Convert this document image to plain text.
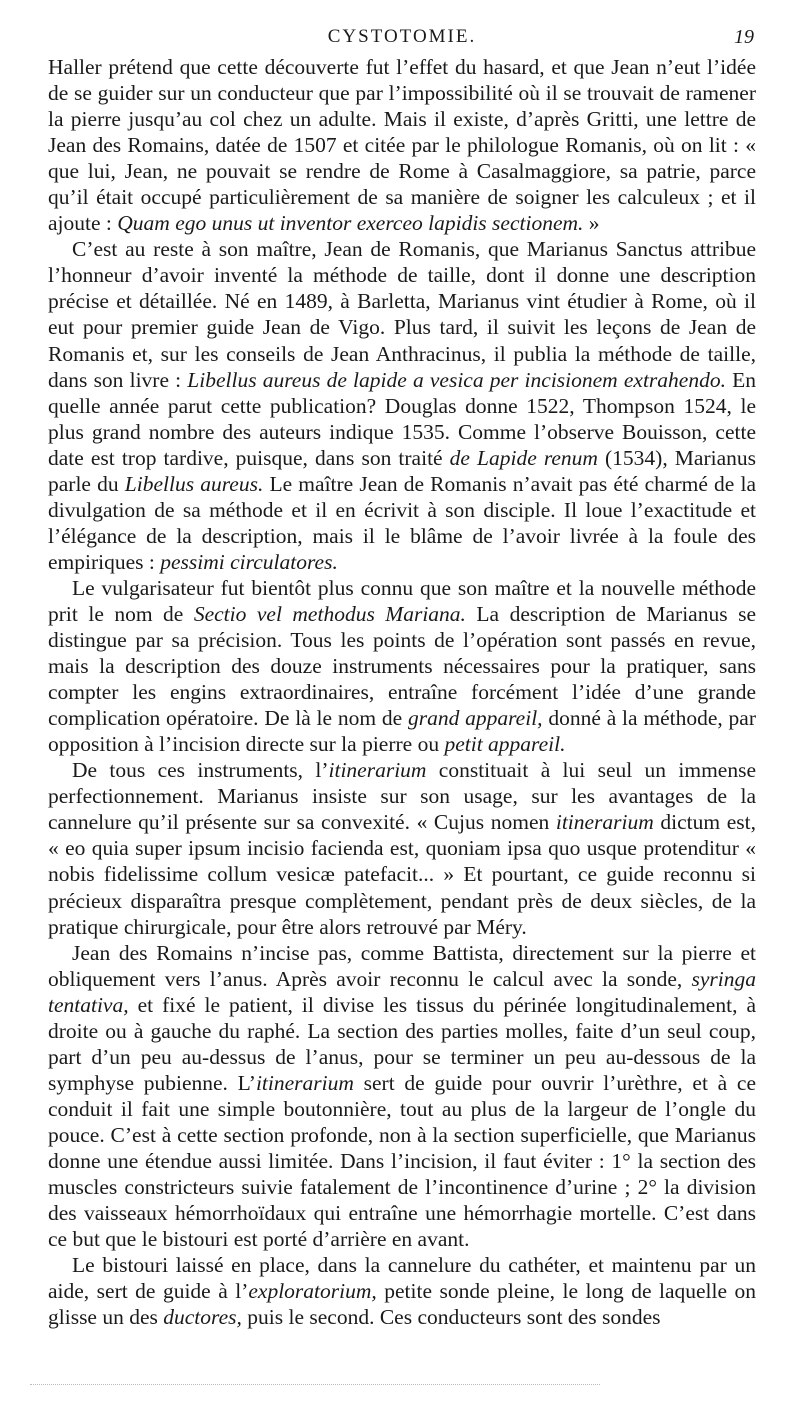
CYSTOTOMIE.	19

Haller prétend que cette découverte fut l’effet du hasard, et que Jean n’eut l’idée de se guider sur un conducteur que par l’impossibilité où il se trouvait de ramener la pierre jusqu’au col chez un adulte. Mais il existe, d’après Gritti, une lettre de Jean des Romains, datée de 1507 et citée par le philologue Romanis, où on lit : « que lui, Jean, ne pouvait se rendre de Rome à Casalmaggiore, sa patrie, parce qu’il était occupé particulièrement de sa manière de soigner les calculeux ; et il ajoute : Quam ego unus ut inventor exerceo lapidis sectionem. »

C’est au reste à son maître, Jean de Romanis, que Marianus Sanctus attribue l’honneur d’avoir inventé la méthode de taille, dont il donne une description précise et détaillée. Né en 1489, à Barletta, Marianus vint étudier à Rome, où il eut pour premier guide Jean de Vigo. Plus tard, il suivit les leçons de Jean de Romanis et, sur les conseils de Jean Anthracinus, il publia la méthode de taille, dans son livre : Libellus aureus de lapide a vesica per incisionem extrahendo. En quelle année parut cette publication? Douglas donne 1522, Thompson 1524, le plus grand nombre des auteurs indique 1535. Comme l’observe Bouisson, cette date est trop tardive, puisque, dans son traité de Lapide renum (1534), Marianus parle du Libellus aureus. Le maître Jean de Romanis n’avait pas été charmé de la divulgation de sa méthode et il en écrivit à son disciple. Il loue l’exactitude et l’élégance de la description, mais il le blâme de l’avoir livrée à la foule des empiriques : pessimi circulatores.

Le vulgarisateur fut bientôt plus connu que son maître et la nouvelle méthode prit le nom de Sectio vel methodus Mariana. La description de Marianus se distingue par sa précision. Tous les points de l’opération sont passés en revue, mais la description des douze instruments nécessaires pour la pratiquer, sans compter les engins extraordinaires, entraîne forcément l’idée d’une grande complication opératoire. De là le nom de grand appareil, donné à la méthode, par opposition à l’incision directe sur la pierre ou petit appareil.

De tous ces instruments, l’itinerarium constituait à lui seul un immense perfectionnement. Marianus insiste sur son usage, sur les avantages de la cannelure qu’il présente sur sa convexité. « Cujus nomen itinerarium dictum est, « eo quia super ipsum incisio facienda est, quoniam ipsa quo usque protenditur « nobis fidelissime collum vesicæ patefacit... » Et pourtant, ce guide reconnu si précieux disparaîtra presque complètement, pendant près de deux siècles, de la pratique chirurgicale, pour être alors retrouvé par Méry.

Jean des Romains n’incise pas, comme Battista, directement sur la pierre et obliquement vers l’anus. Après avoir reconnu le calcul avec la sonde, syringa tentativa, et fixé le patient, il divise les tissus du périnée longitudinalement, à droite ou à gauche du raphé. La section des parties molles, faite d’un seul coup, part d’un peu au-dessus de l’anus, pour se terminer un peu au-dessous de la symphyse pubienne. L’itinerarium sert de guide pour ouvrir l’urèthre, et à ce conduit il fait une simple boutonnière, tout au plus de la largeur de l’ongle du pouce. C’est à cette section profonde, non à la section superficielle, que Marianus donne une étendue aussi limitée. Dans l’incision, il faut éviter : 1° la section des muscles constricteurs suivie fatalement de l’incontinence d’urine ; 2° la division des vaisseaux hémorrhoïdaux qui entraîne une hémorrhagie mortelle. C’est dans ce but que le bistouri est porté d’arrière en avant.

Le bistouri laissé en place, dans la cannelure du cathéter, et maintenu par un aide, sert de guide à l’exploratorium, petite sonde pleine, le long de laquelle on glisse un des ductores, puis le second. Ces conducteurs sont des sondes
